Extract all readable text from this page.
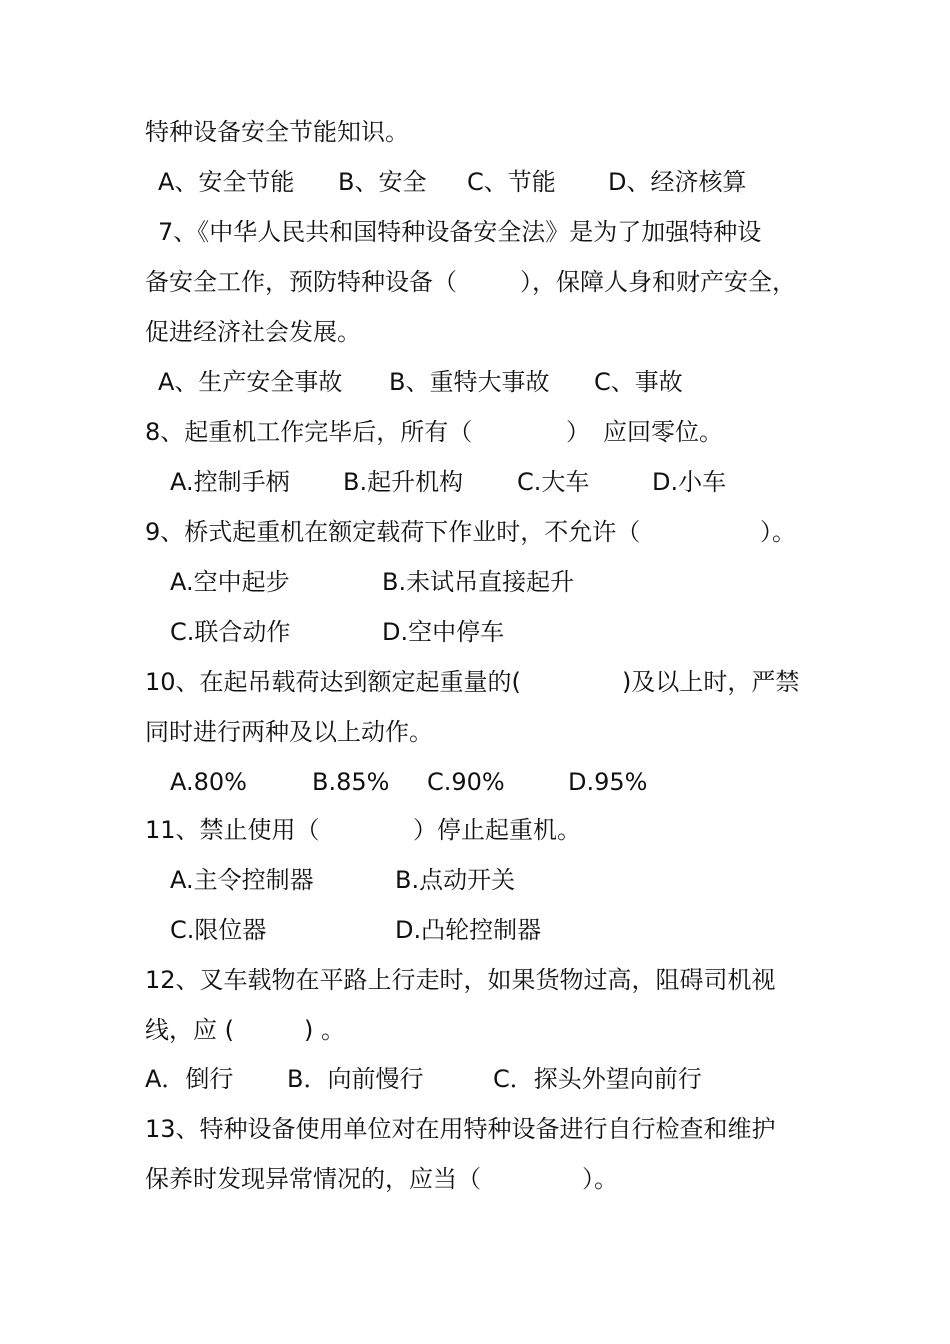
特种设备安全节能知识。
A、安全节能 B、安全 C、节能 D、经济核算
7、《中华人民共和国特种设备安全法》是为了加强特种设
备安全工作，预防特种设备（	），保障人身和财产安全，
促进经济社会发展。
A、生产安全事故 B、重特大事故 C、事故
8、起重机工作完毕后，所有（	） 应回零位。
A.控制手柄 B.起升机构 C.大车	D.小车
9、桥式起重机在额定载荷下作业时，不允许（	）。
A.空中起步	B.未试吊直接起升
C.联合动作	D.空中停车
10、在起吊载荷达到额定起重量的(	)及以上时，严禁
同时进行两种及以上动作。
A.80%	B.85% C.90%	D.95%
11、禁止使用（	）停止起重机。
A.主令控制器	B.点动开关
C.限位器	D.凸轮控制器
12、叉车载物在平路上行走时，如果货物过高，阻碍司机视
线，应 (	) 。
A．倒行 B．向前慢行	C．探头外望向前行
13、特种设备使用单位对在用特种设备进行自行检查和维护
保养时发现异常情况的，应当（	）。
